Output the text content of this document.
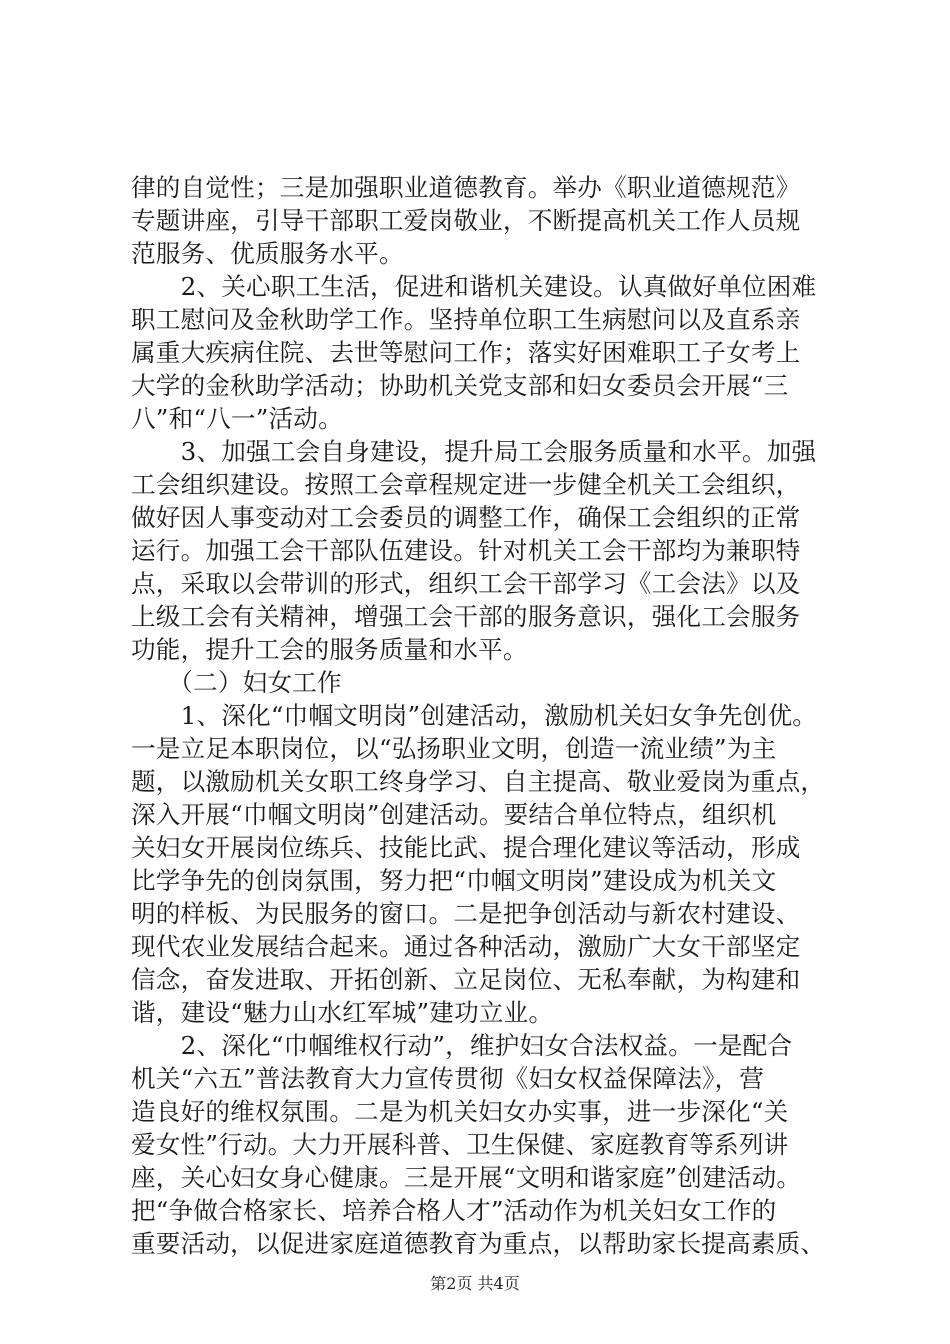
律的自觉性；三是加强职业道德教育。举办《职业道德规范》
专题讲座，引导干部职工爱岗敬业，不断提高机关工作人员规
范服务、优质服务水平。
　　2、关心职工生活，促进和谐机关建设。认真做好单位困难
职工慰问及金秋助学工作。坚持单位职工生病慰问以及直系亲
属重大疾病住院、去世等慰问工作；落实好困难职工子女考上
大学的金秋助学活动；协助机关党支部和妇女委员会开展“三
八”和“八一”活动。
　　3、加强工会自身建设，提升局工会服务质量和水平。加强
工会组织建设。按照工会章程规定进一步健全机关工会组织，
做好因人事变动对工会委员的调整工作，确保工会组织的正常
运行。加强工会干部队伍建设。针对机关工会干部均为兼职特
点，采取以会带训的形式，组织工会干部学习《工会法》以及
上级工会有关精神，增强工会干部的服务意识，强化工会服务
功能，提升工会的服务质量和水平。
　　（二）妇女工作
　　1、深化“巾帼文明岗”创建活动，激励机关妇女争先创优。
一是立足本职岗位，以“弘扬职业文明，创造一流业绩”为主
题，以激励机关女职工终身学习、自主提高、敬业爱岗为重点，
深入开展“巾帼文明岗”创建活动。要结合单位特点，组织机
关妇女开展岗位练兵、技能比武、提合理化建议等活动，形成
比学争先的创岗氛围，努力把“巾帼文明岗”建设成为机关文
明的样板、为民服务的窗口。二是把争创活动与新农村建设、
现代农业发展结合起来。通过各种活动，激励广大女干部坚定
信念，奋发进取、开拓创新、立足岗位、无私奉献，为构建和
谐，建设“魅力山水红军城”建功立业。
　　2、深化“巾帼维权行动”，维护妇女合法权益。一是配合
机关“六五”普法教育大力宣传贯彻《妇女权益保障法》，营
造良好的维权氛围。二是为机关妇女办实事，进一步深化“关
爱女性”行动。大力开展科普、卫生保健、家庭教育等系列讲
座，关心妇女身心健康。三是开展“文明和谐家庭”创建活动。
把“争做合格家长、培养合格人才”活动作为机关妇女工作的
重要活动，以促进家庭道德教育为重点，以帮助家长提高素质、
第2页 共4页
